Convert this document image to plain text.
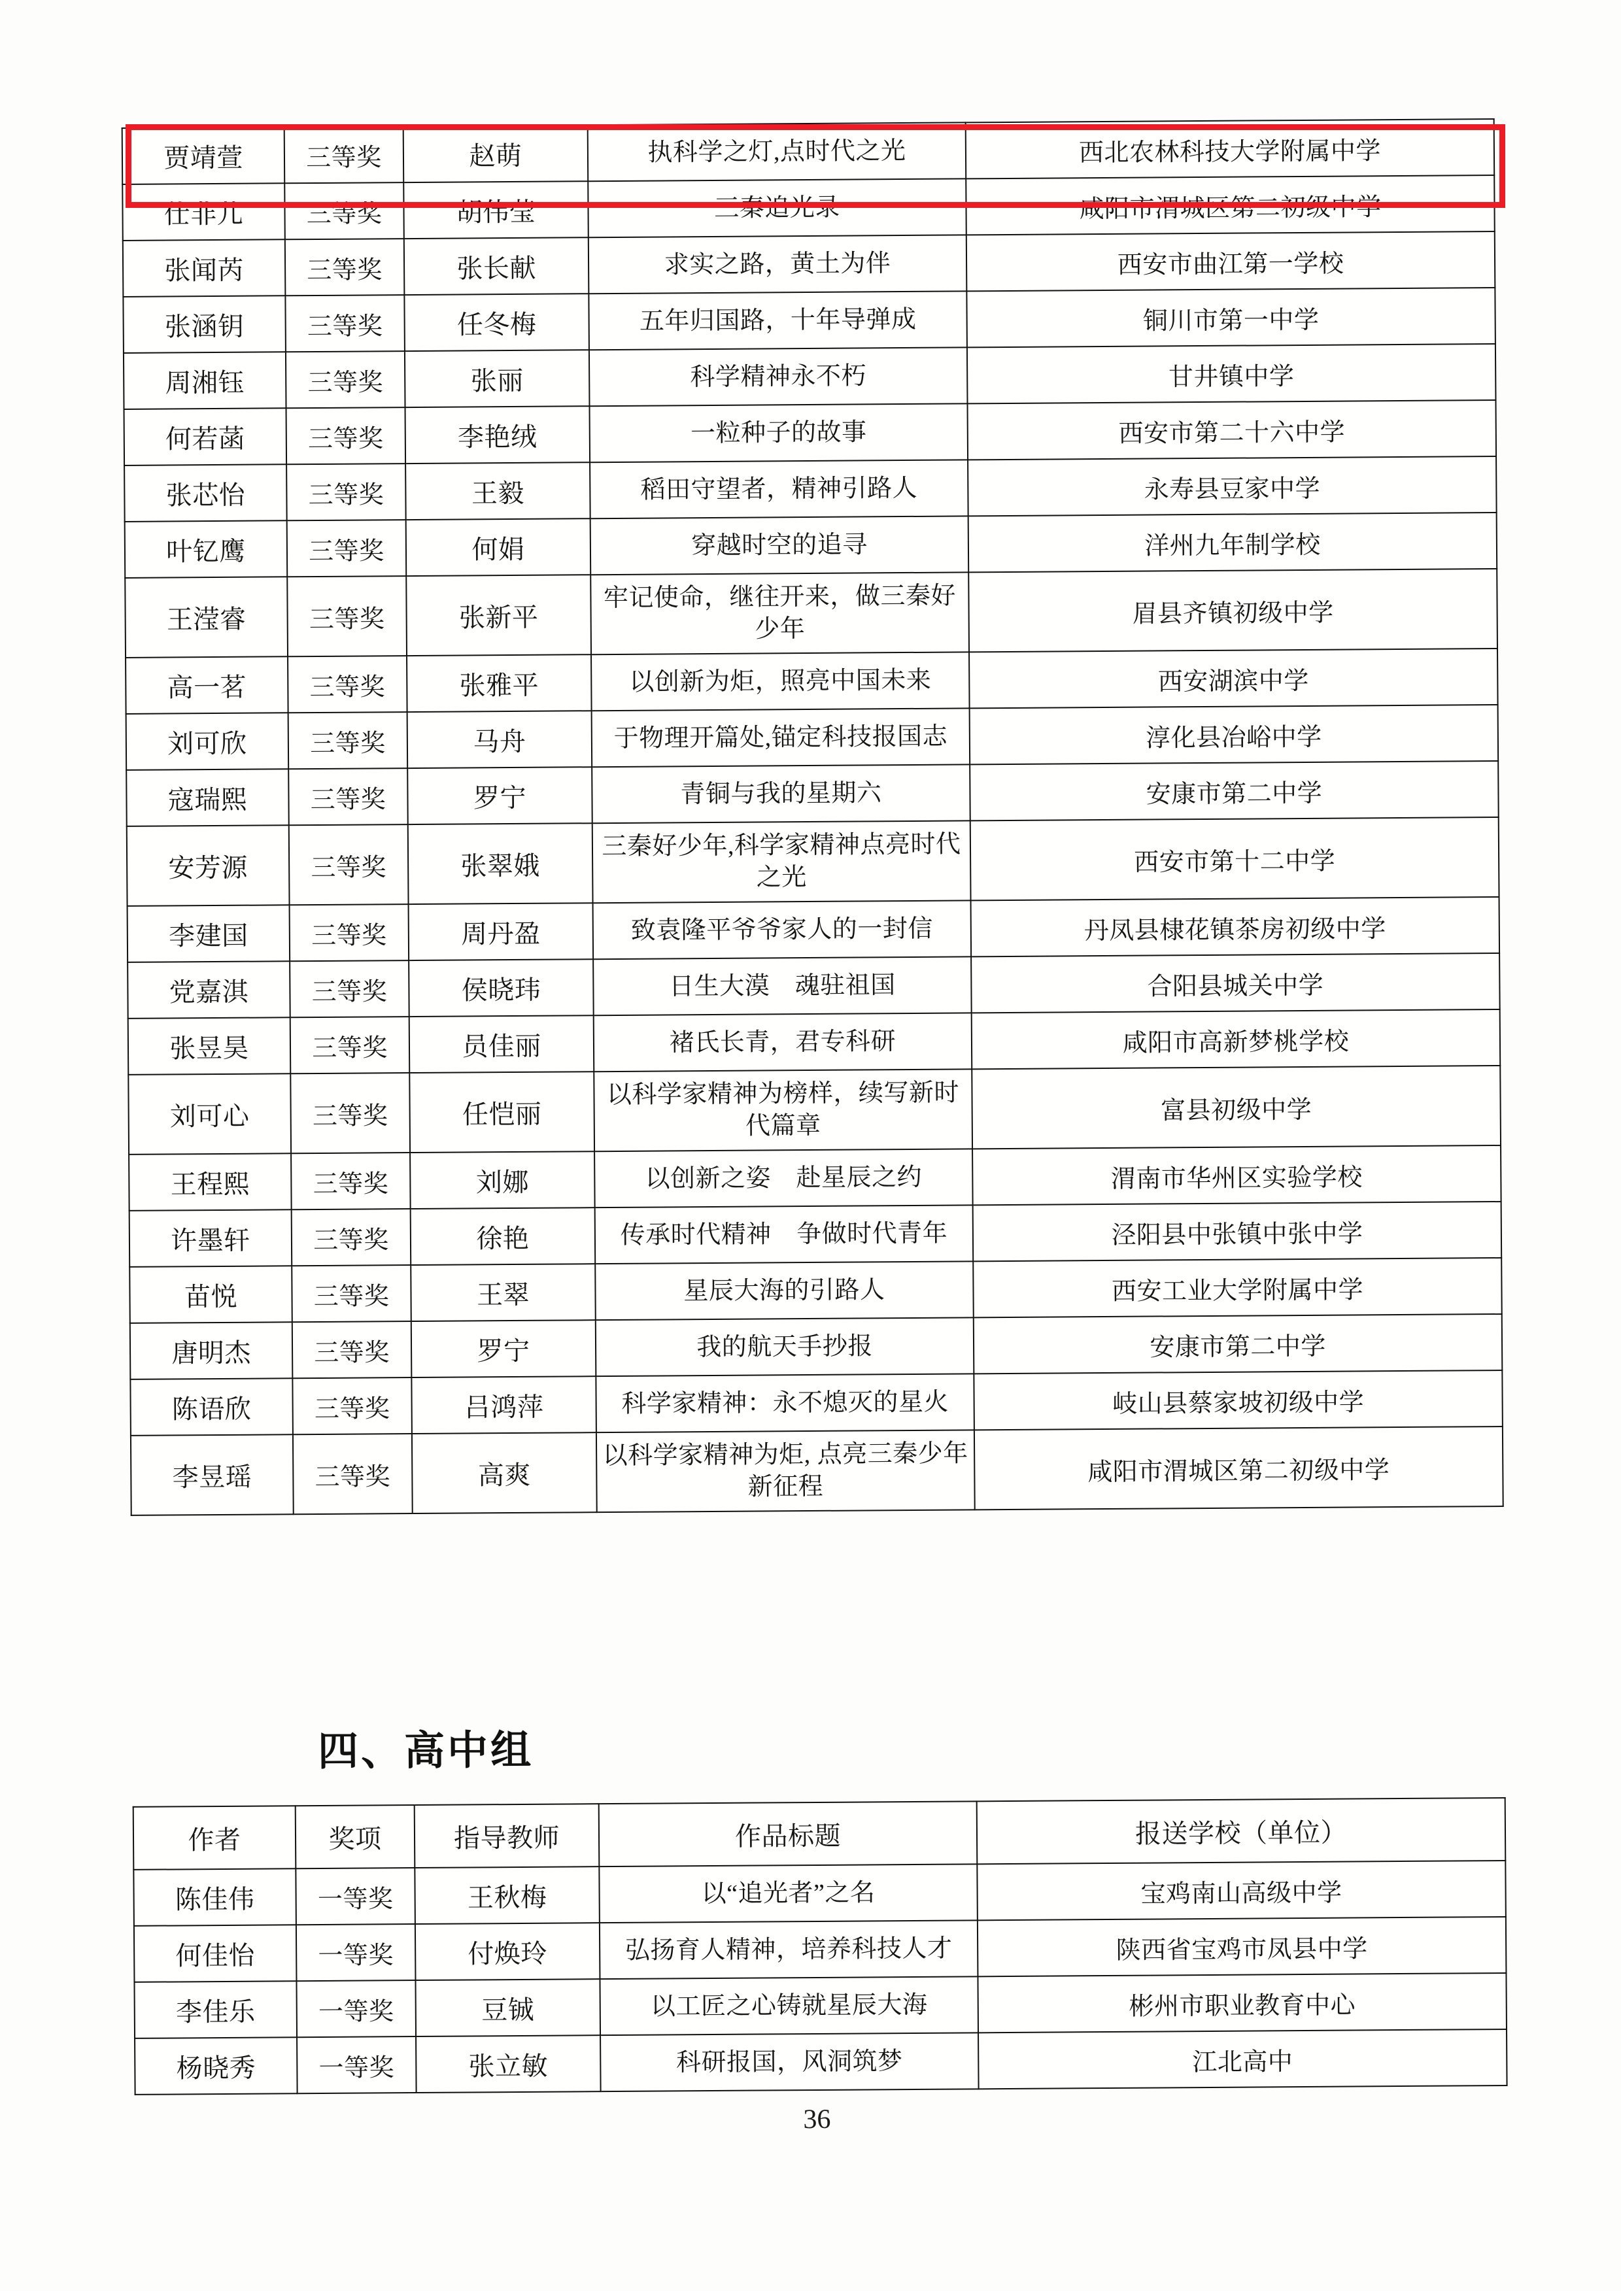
贾靖萱	三等奖	赵萌	执科学之灯,点时代之光	西北农林科技大学附属中学
仕非儿	三等奖	胡伟莹	三秦追光录	咸阳市渭城区第二初级中学
张闻芮	三等奖	张长献	求实之路，黄土为伴	西安市曲江第一学校
张涵钥	三等奖	任冬梅	五年归国路，十年导弹成	铜川市第一中学
周湘钰	三等奖	张丽	科学精神永不朽	甘井镇中学
何若菡	三等奖	李艳绒	一粒种子的故事	西安市第二十六中学
张芯怡	三等奖	王毅	稻田守望者，精神引路人	永寿县豆家中学
叶钇鹰	三等奖	何娟	穿越时空的追寻	洋州九年制学校
王滢睿	三等奖	张新平	牢记使命，继往开来，做三秦好少年	眉县齐镇初级中学
高一茗	三等奖	张雅平	以创新为炬，照亮中国未来	西安湖滨中学
刘可欣	三等奖	马舟	于物理开篇处,锚定科技报国志	淳化县冶峪中学
寇瑞熙	三等奖	罗宁	青铜与我的星期六	安康市第二中学
安芳源	三等奖	张翠娥	三秦好少年,科学家精神点亮时代之光	西安市第十二中学
李建国	三等奖	周丹盈	致袁隆平爷爷家人的一封信	丹凤县棣花镇茶房初级中学
党嘉淇	三等奖	侯晓玮	日生大漠　魂驻祖国	合阳县城关中学
张昱昊	三等奖	员佳丽	褚氏长青，君专科研	咸阳市高新梦桃学校
刘可心	三等奖	任恺丽	以科学家精神为榜样，续写新时代篇章	富县初级中学
王程熙	三等奖	刘娜	以创新之姿　赴星辰之约	渭南市华州区实验学校
许墨轩	三等奖	徐艳	传承时代精神　争做时代青年	泾阳县中张镇中张中学
苗悦	三等奖	王翠	星辰大海的引路人	西安工业大学附属中学
唐明杰	三等奖	罗宁	我的航天手抄报	安康市第二中学
陈语欣	三等奖	吕鸿萍	科学家精神：永不熄灭的星火	岐山县蔡家坡初级中学
李昱瑶	三等奖	高爽	以科学家精神为炬, 点亮三秦少年新征程	咸阳市渭城区第二初级中学
四、高中组
作者	奖项	指导教师	作品标题	报送学校（单位）
陈佳伟	一等奖	王秋梅	以“追光者”之名	宝鸡南山高级中学
何佳怡	一等奖	付焕玲	弘扬育人精神，培养科技人才	陕西省宝鸡市凤县中学
李佳乐	一等奖	豆铖	以工匠之心铸就星辰大海	彬州市职业教育中心
杨晓秀	一等奖	张立敏	科研报国，风洞筑梦	江北高中
36
